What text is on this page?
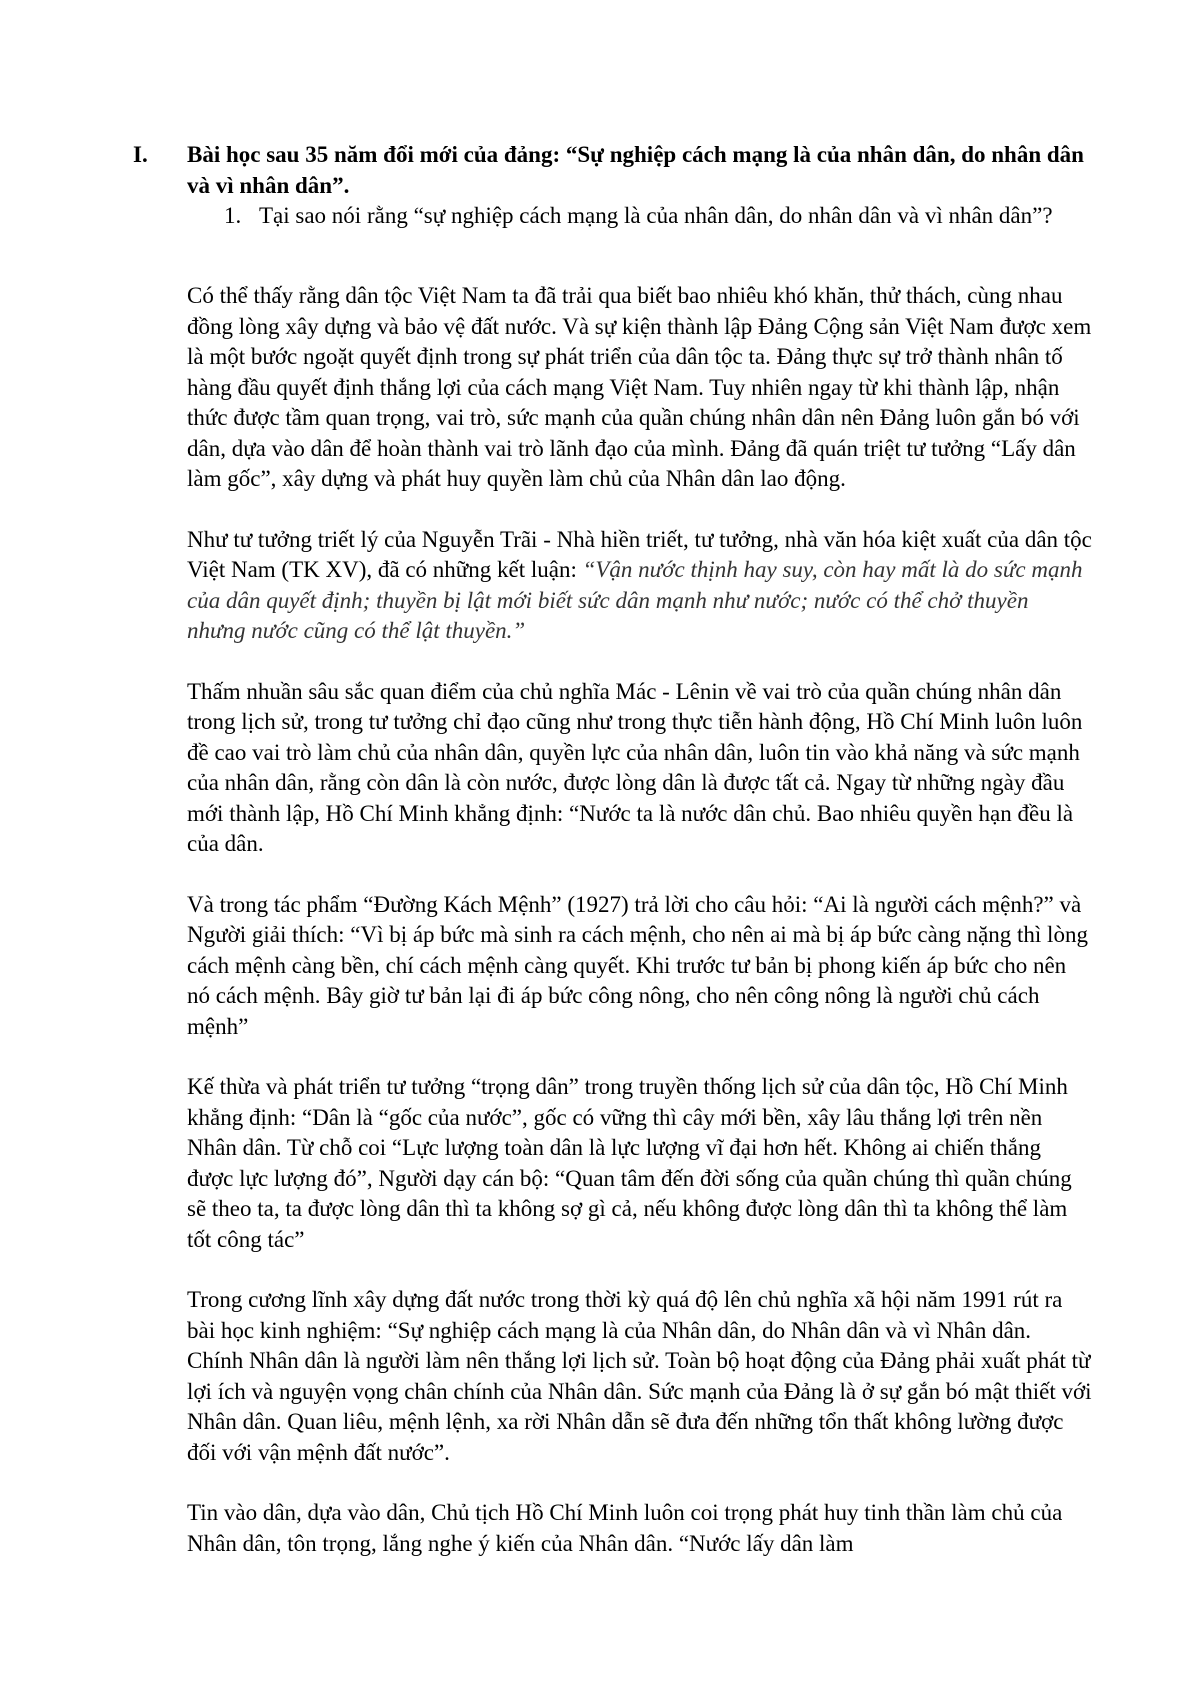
I. Bài học sau 35 năm đổi mới của đảng: “Sự nghiệp cách mạng là của nhân dân, do nhân dân và vì nhân dân”.
1. Tại sao nói rằng “sự nghiệp cách mạng là của nhân dân, do nhân dân và vì nhân dân”?

Có thể thấy rằng dân tộc Việt Nam ta đã trải qua biết bao nhiêu khó khăn, thử thách, cùng nhau đồng lòng xây dựng và bảo vệ đất nước. Và sự kiện thành lập Đảng Cộng sản Việt Nam được xem là một bước ngoặt quyết định trong sự phát triển của dân tộc ta. Đảng thực sự trở thành nhân tố hàng đầu quyết định thắng lợi của cách mạng Việt Nam. Tuy nhiên ngay từ khi thành lập, nhận thức được tầm quan trọng, vai trò, sức mạnh của quần chúng nhân dân nên Đảng luôn gắn bó với dân, dựa vào dân để hoàn thành vai trò lãnh đạo của mình. Đảng đã quán triệt tư tưởng “Lấy dân làm gốc”, xây dựng và phát huy quyền làm chủ của Nhân dân lao động.

Như tư tưởng triết lý của Nguyễn Trãi - Nhà hiền triết, tư tưởng, nhà văn hóa kiệt xuất của dân tộc Việt Nam (TK XV), đã có những kết luận: “Vận nước thịnh hay suy, còn hay mất là do sức mạnh của dân quyết định; thuyền bị lật mới biết sức dân mạnh như nước; nước có thể chở thuyền nhưng nước cũng có thể lật thuyền.”

Thấm nhuần sâu sắc quan điểm của chủ nghĩa Mác - Lênin về vai trò của quần chúng nhân dân trong lịch sử, trong tư tưởng chỉ đạo cũng như trong thực tiễn hành động, Hồ Chí Minh luôn luôn đề cao vai trò làm chủ của nhân dân, quyền lực của nhân dân, luôn tin vào khả năng và sức mạnh của nhân dân, rằng còn dân là còn nước, được lòng dân là được tất cả. Ngay từ những ngày đầu mới thành lập, Hồ Chí Minh khẳng định: “Nước ta là nước dân chủ. Bao nhiêu quyền hạn đều là của dân.

Và trong tác phẩm “Đường Kách Mệnh” (1927) trả lời cho câu hỏi: “Ai là người cách mệnh?” và Người giải thích: “Vì bị áp bức mà sinh ra cách mệnh, cho nên ai mà bị áp bức càng nặng thì lòng cách mệnh càng bền, chí cách mệnh càng quyết. Khi trước tư bản bị phong kiến áp bức cho nên nó cách mệnh. Bây giờ tư bản lại đi áp bức công nông, cho nên công nông là người chủ cách mệnh”

Kế thừa và phát triển tư tưởng “trọng dân” trong truyền thống lịch sử của dân tộc, Hồ Chí Minh khẳng định: “Dân là “gốc của nước”, gốc có vững thì cây mới bền, xây lâu thắng lợi trên nền Nhân dân. Từ chỗ coi “Lực lượng toàn dân là lực lượng vĩ đại hơn hết. Không ai chiến thắng được lực lượng đó”, Người dạy cán bộ: “Quan tâm đến đời sống của quần chúng thì quần chúng sẽ theo ta, ta được lòng dân thì ta không sợ gì cả, nếu không được lòng dân thì ta không thể làm tốt công tác”

Trong cương lĩnh xây dựng đất nước trong thời kỳ quá độ lên chủ nghĩa xã hội năm 1991 rút ra bài học kinh nghiệm: “Sự nghiệp cách mạng là của Nhân dân, do Nhân dân và vì Nhân dân. Chính Nhân dân là người làm nên thắng lợi lịch sử. Toàn bộ hoạt động của Đảng phải xuất phát từ lợi ích và nguyện vọng chân chính của Nhân dân. Sức mạnh của Đảng là ở sự gắn bó mật thiết với Nhân dân. Quan liêu, mệnh lệnh, xa rời Nhân dẫn sẽ đưa đến những tổn thất không lường được đối với vận mệnh đất nước”.

Tin vào dân, dựa vào dân, Chủ tịch Hồ Chí Minh luôn coi trọng phát huy tinh thần làm chủ của Nhân dân, tôn trọng, lắng nghe ý kiến của Nhân dân. “Nước lấy dân làm
